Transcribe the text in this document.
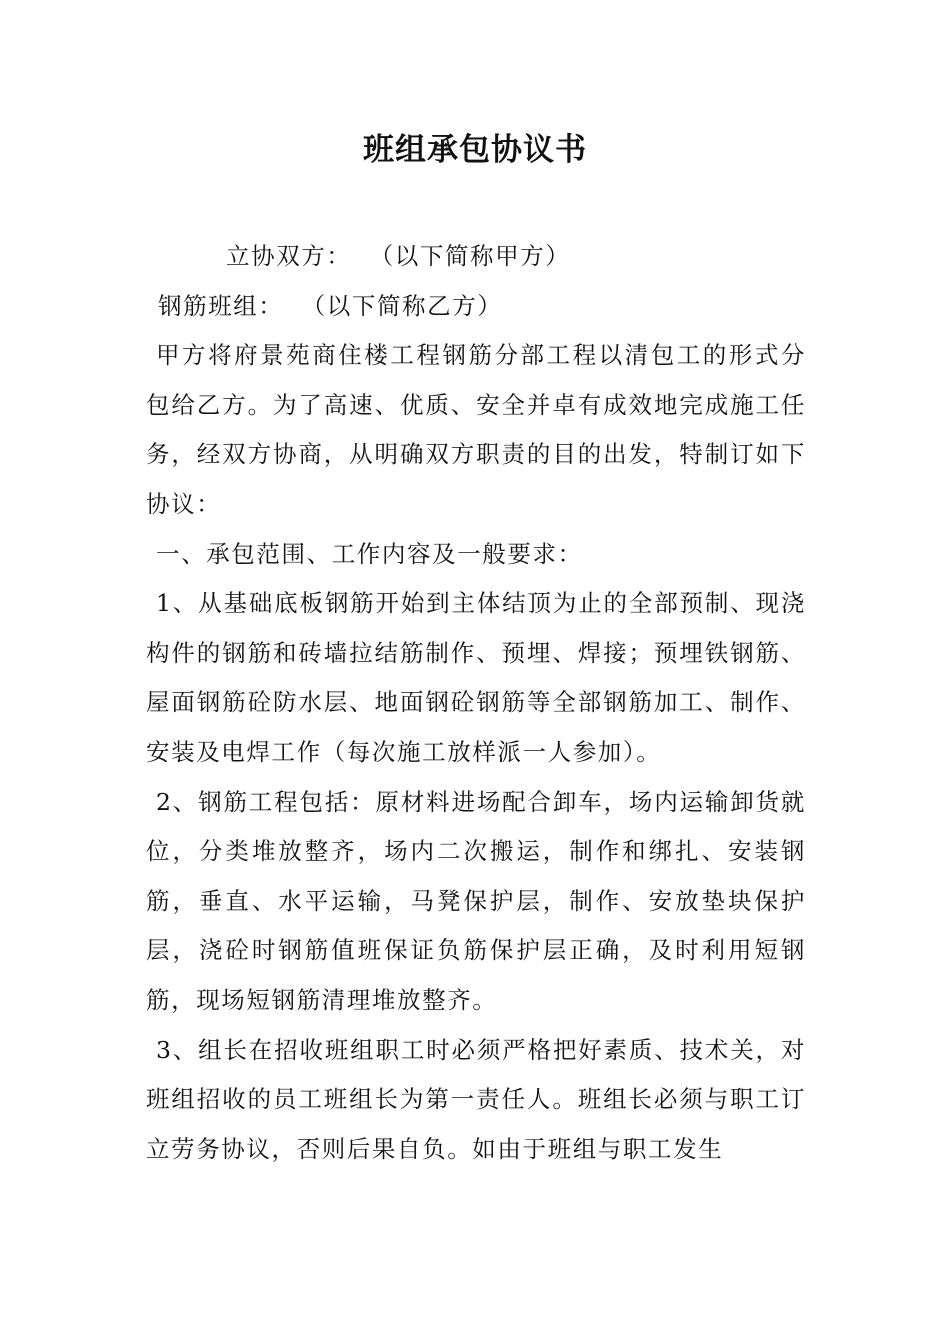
班组承包协议书

立协双方：  （以下简称甲方）

钢筋班组：  （以下简称乙方）

甲方将府景苑商住楼工程钢筋分部工程以清包工的形式分包给乙方。为了高速、优质、安全并卓有成效地完成施工任务，经双方协商，从明确双方职责的目的出发，特制订如下协议：

一、承包范围、工作内容及一般要求：

1、从基础底板钢筋开始到主体结顶为止的全部预制、现浇构件的钢筋和砖墙拉结筋制作、预埋、焊接；预埋铁钢筋、屋面钢筋砼防水层、地面钢砼钢筋等全部钢筋加工、制作、安装及电焊工作（每次施工放样派一人参加）。

2、钢筋工程包括：原材料进场配合卸车，场内运输卸货就位，分类堆放整齐，场内二次搬运，制作和绑扎、安装钢筋，垂直、水平运输，马凳保护层，制作、安放垫块保护层，浇砼时钢筋值班保证负筋保护层正确，及时利用短钢筋，现场短钢筋清理堆放整齐。

3、组长在招收班组职工时必须严格把好素质、技术关，对班组招收的员工班组长为第一责任人。班组长必须与职工订立劳务协议，否则后果自负。如由于班组与职工发生
